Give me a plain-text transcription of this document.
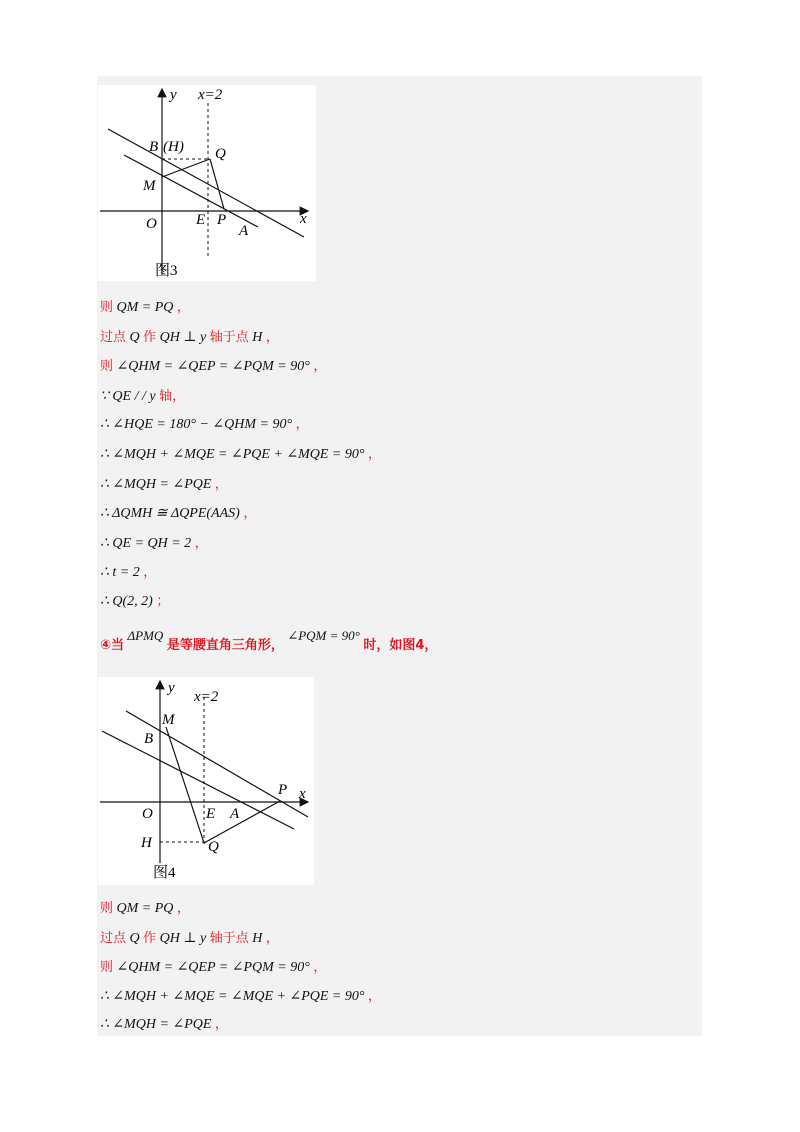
y x=2
B (H) Q
M
x
O	E P
A
图3
则 QM = PQ ，
过点 Q 作 QH ⊥ y 轴于点 H ，
则 ∠QHM = ∠QEP = ∠PQM = 90° ，
∵ QE / / y 轴，
∴ ∠HQE = 180° − ∠QHM = 90° ，
∴ ∠MQH + ∠MQE = ∠PQE + ∠MQE = 90° ，
∴ ∠MQH = ∠PQE ，
∴ ΔQMH ≅ ΔQPE(AAS) ，
∴ QE = QH = 2 ，
∴ t = 2 ，
∴ Q(2, 2) ；
④当 ΔPMQ 是等腰直角三角形， ∠PQM = 90° 时，如图4，
y
x=2
M
B
P x
O	E A
H	Q
图4
则 QM = PQ ，
过点 Q 作 QH ⊥ y 轴于点 H ，
则 ∠QHM = ∠QEP = ∠PQM = 90° ，
∴ ∠MQH + ∠MQE = ∠MQE + ∠PQE = 90° ，
∴ ∠MQH = ∠PQE ，
